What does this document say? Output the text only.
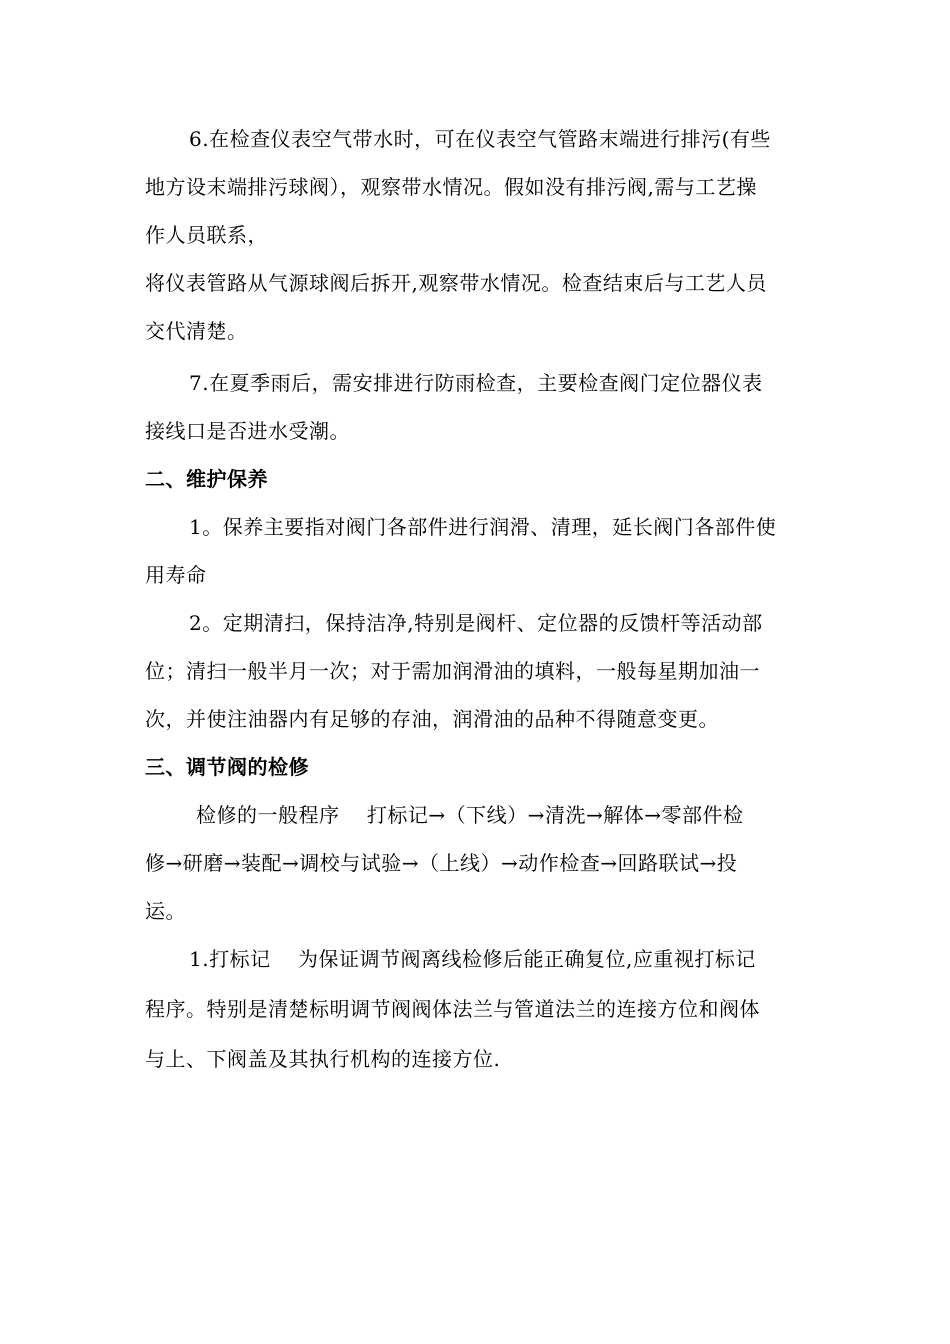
6.在检查仪表空气带水时，可在仪表空气管路末端进行排污(有些
地方设末端排污球阀），观察带水情况。假如没有排污阀,需与工艺操
作人员联系，
将仪表管路从气源球阀后拆开,观察带水情况。检查结束后与工艺人员
交代清楚。
7.在夏季雨后，需安排进行防雨检查，主要检查阀门定位器仪表
接线口是否进水受潮。
二、维护保养
1。保养主要指对阀门各部件进行润滑、清理，延长阀门各部件使
用寿命
2。定期清扫，保持洁净,特别是阀杆、定位器的反馈杆等活动部
位；清扫一般半月一次；对于需加润滑油的填料，一般每星期加油一
次，并使注油器内有足够的存油，润滑油的品种不得随意变更。
三、调节阀的检修
检修的一般程序    打标记→（下线）→清洗→解体→零部件检
修→研磨→装配→调校与试验→（上线）→动作检查→回路联试→投
运。
1.打标记    为保证调节阀离线检修后能正确复位,应重视打标记
程序。特别是清楚标明调节阀阀体法兰与管道法兰的连接方位和阀体
与上、下阀盖及其执行机构的连接方位.
